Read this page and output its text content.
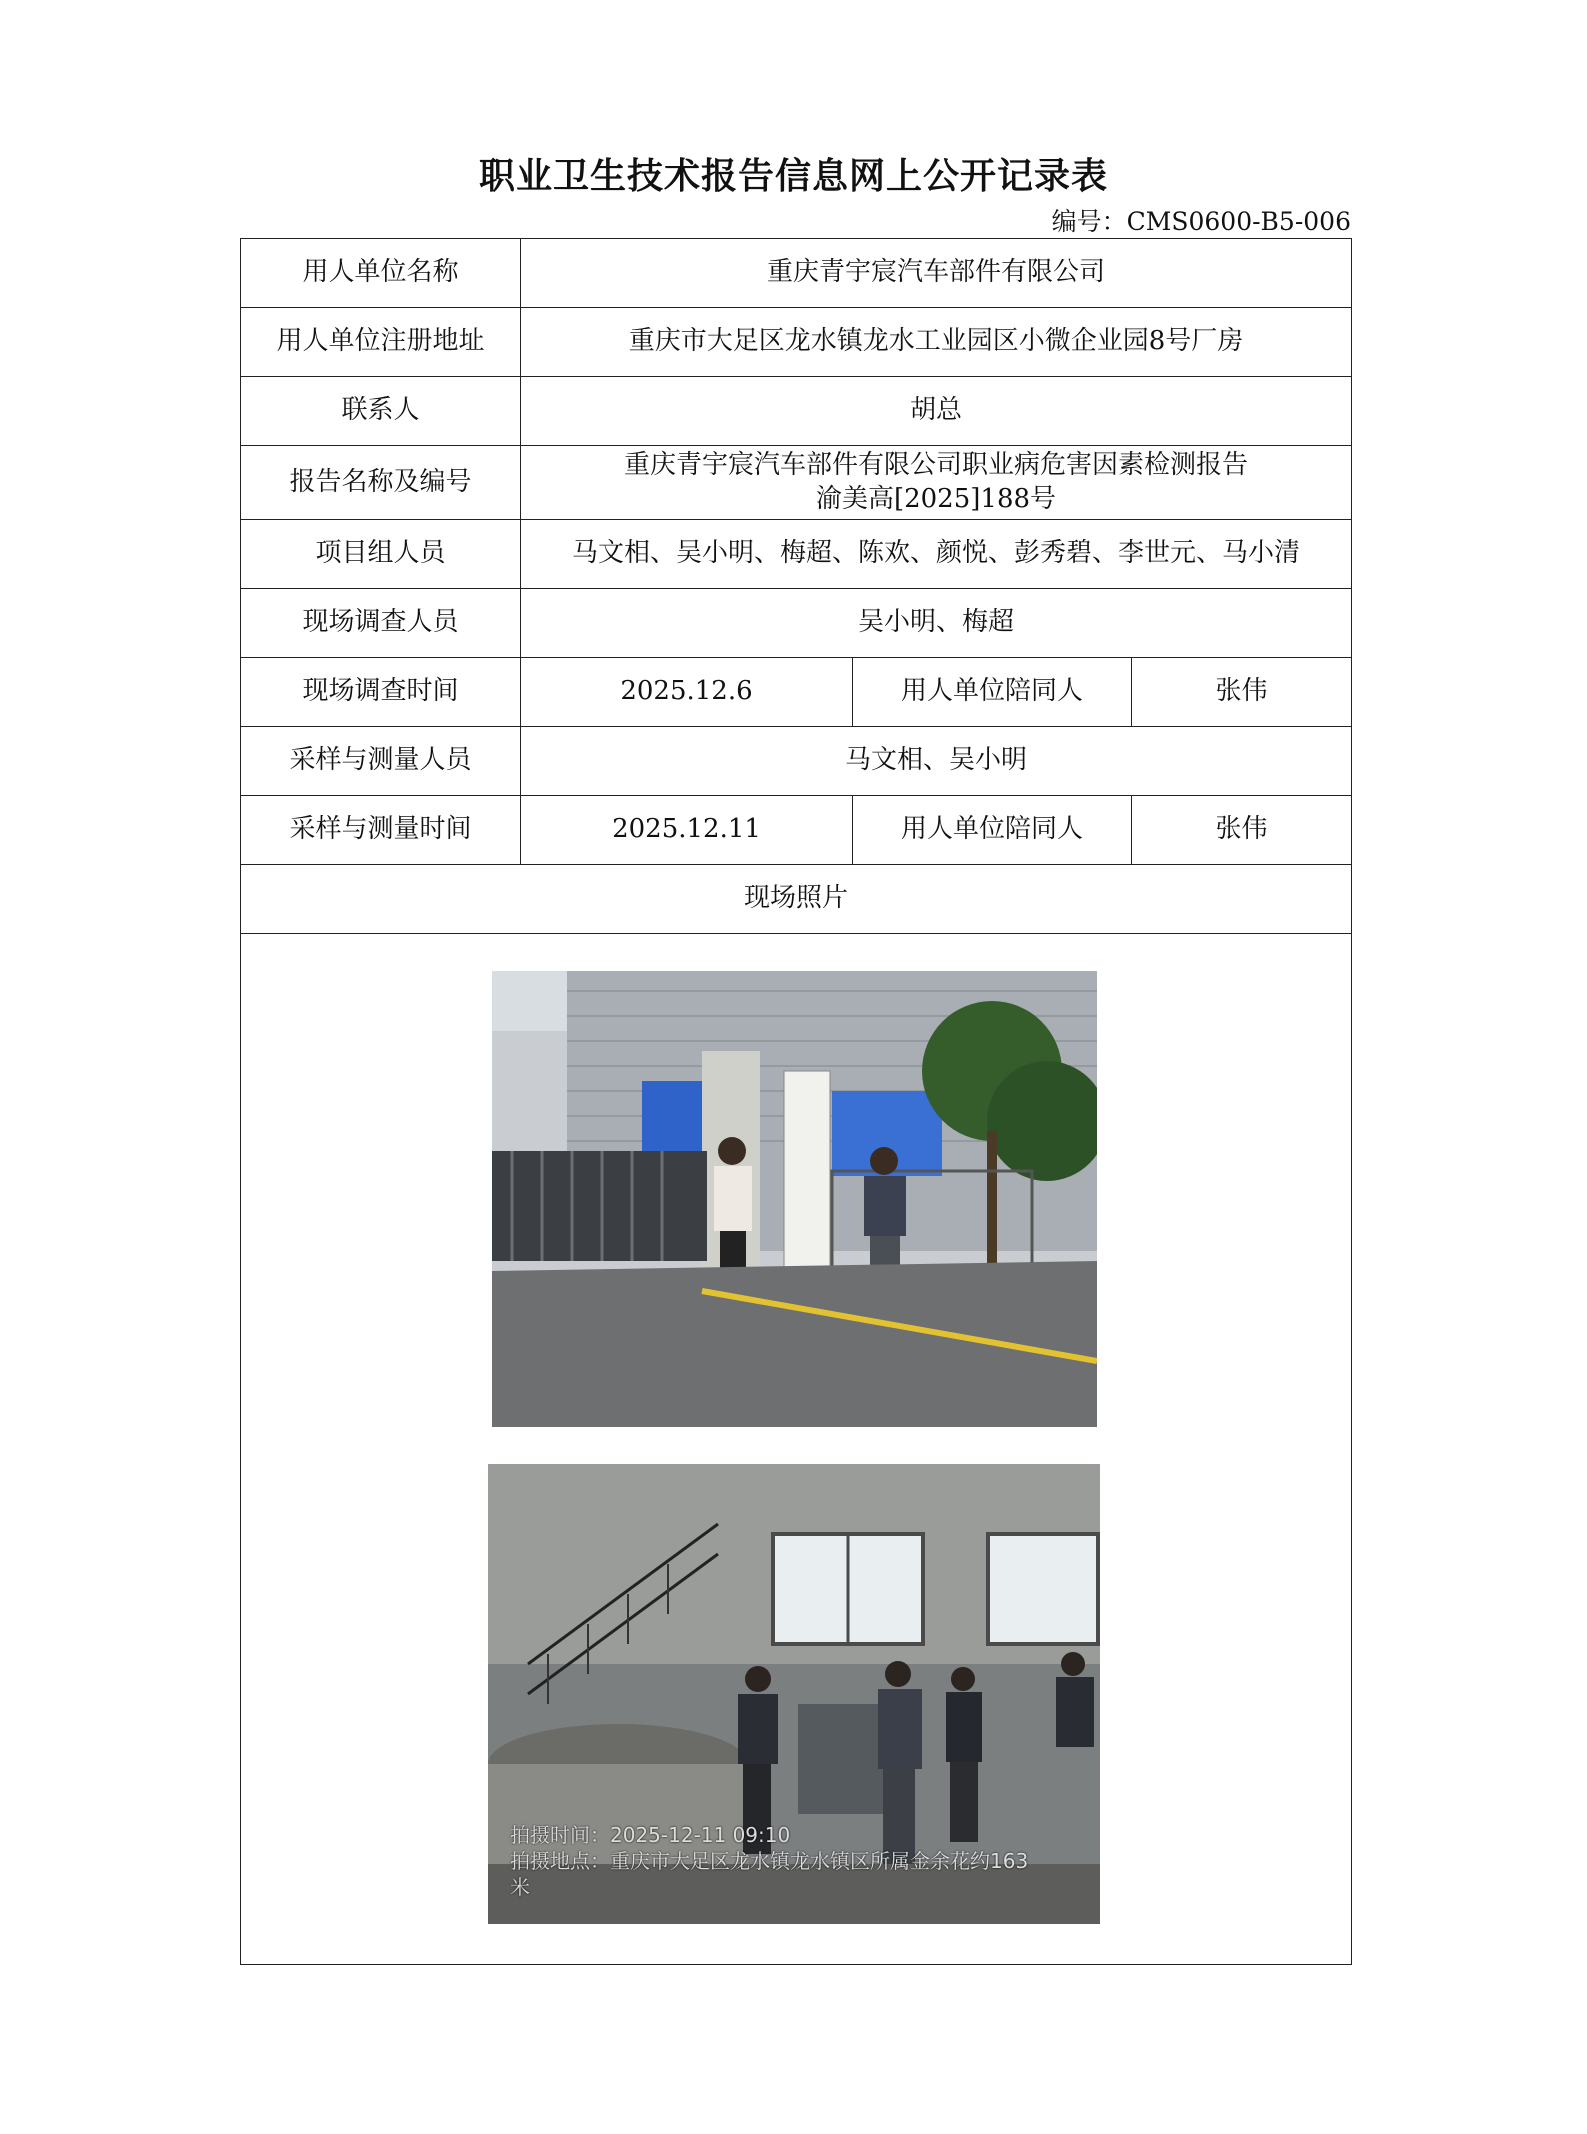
职业卫生技术报告信息网上公开记录表
编号：CMS0600-B5-006
用人单位名称	重庆青宇宸汽车部件有限公司		
用人单位注册地址	重庆市大足区龙水镇龙水工业园区小微企业园8号厂房		
联系人	胡总		
报告名称及编号	重庆青宇宸汽车部件有限公司职业病危害因素检测报告
渝美高[2025]188号		

项目组人员	马文相、吴小明、梅超、陈欢、颜悦、彭秀碧、李世元、马小清		
现场调查人员	吴小明、梅超		
现场调查时间	2025.12.6	用人单位陪同人	张伟
采样与测量人员	马文相、吴小明		
采样与测量时间	2025.12.11	用人单位陪同人	张伟
现场照片			

拍摄时间：2025-12-11 09:10
拍摄地点：重庆市大足区龙水镇龙水镇区所属金余花约163
米			
